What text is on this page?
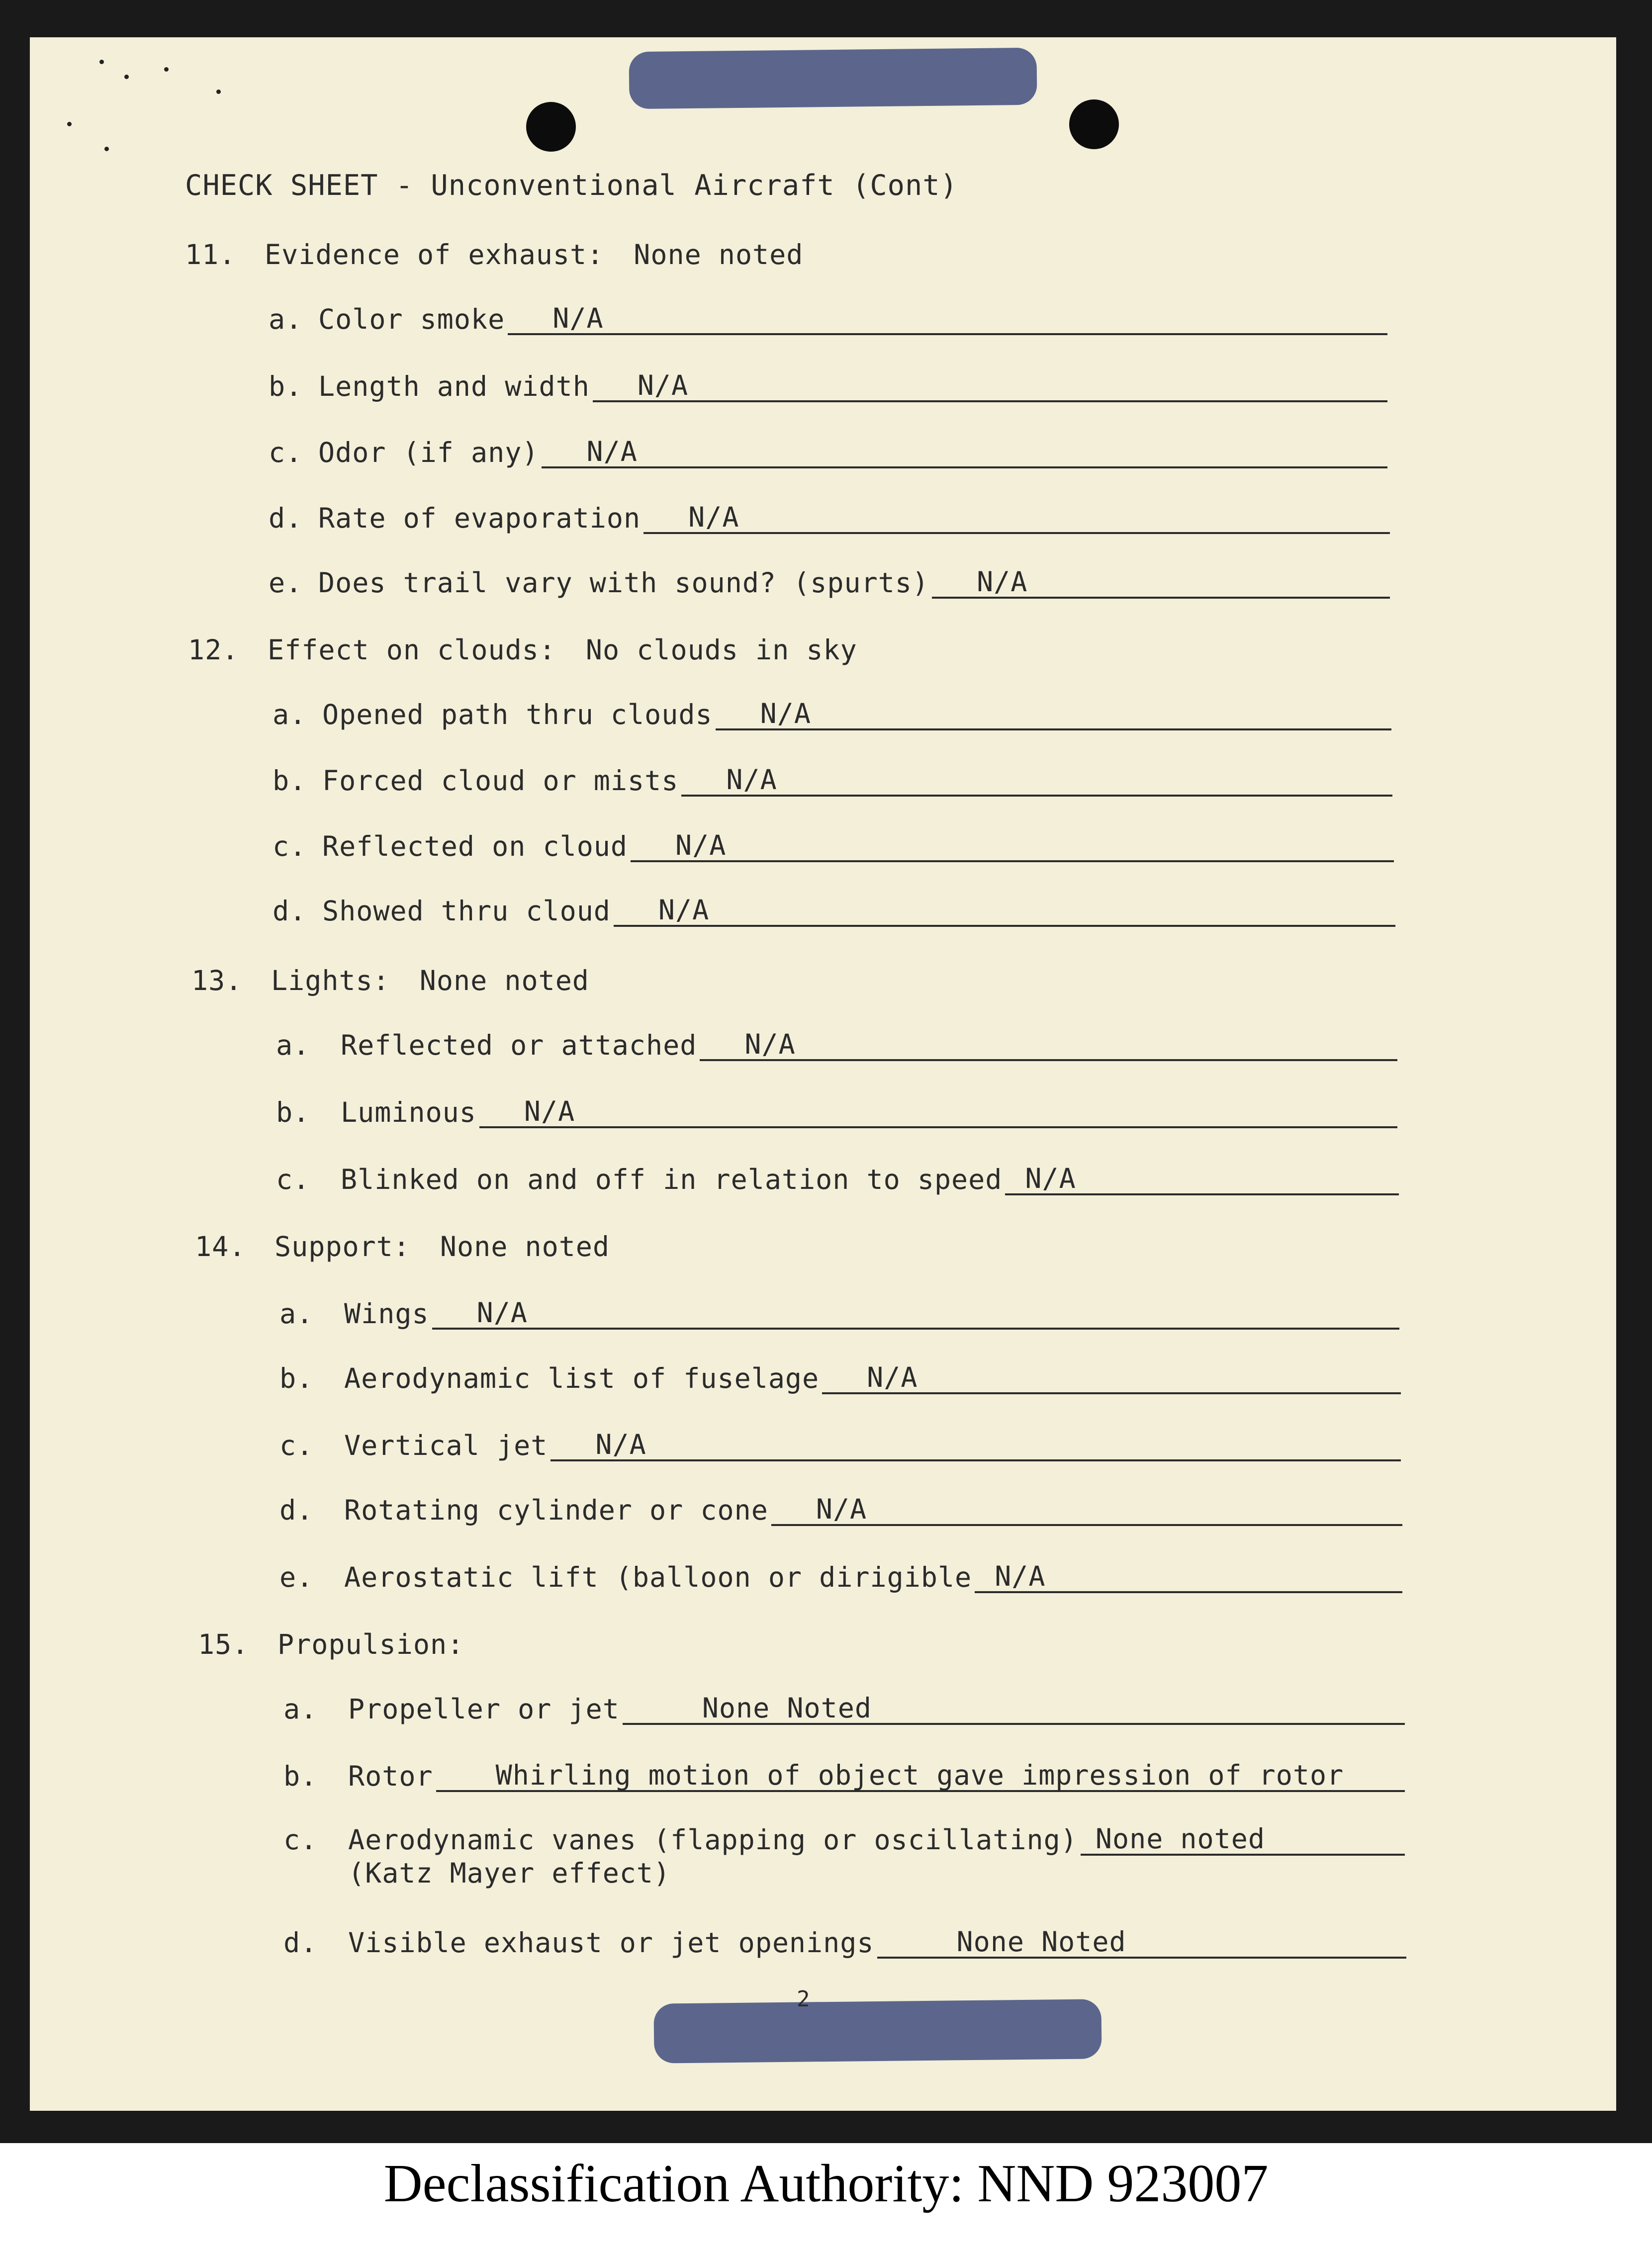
CHECK SHEET - Unconventional Aircraft (Cont)
11.	Evidence of exhaust: None noted
a. Color smoke	N/A
b. Length and width	N/A
c. Odor (if any)	N/A
d. Rate of evaporation	N/A
e. Does trail vary with sound? (spurts)	N/A
12.	Effect on clouds: No clouds in sky
a. Opened path thru clouds	N/A
b. Forced cloud or mists	N/A
c. Reflected on cloud	N/A
d. Showed thru cloud	N/A
13.	Lights: None noted
a.	Reflected or attached	N/A
b.	Luminous	N/A
c.	Blinked on and off in relation to speed N/A
14.	Support: None noted
a.	Wings	N/A
b.	Aerodynamic list of fuselage	N/A
c.	Vertical jet	N/A
d.	Rotating cylinder or cone	N/A
e.	Aerostatic lift (balloon or dirigible N/A
15.	Propulsion:
a.	Propeller or jet	None Noted
b.	Rotor	Whirling motion of object gave impression of rotor
c.	Aerodynamic vanes (flapping or oscillating) None noted
(Katz Mayer effect)
d.	Visible exhaust or jet openings	None Noted
2
Declassification Authority: NND 923007
